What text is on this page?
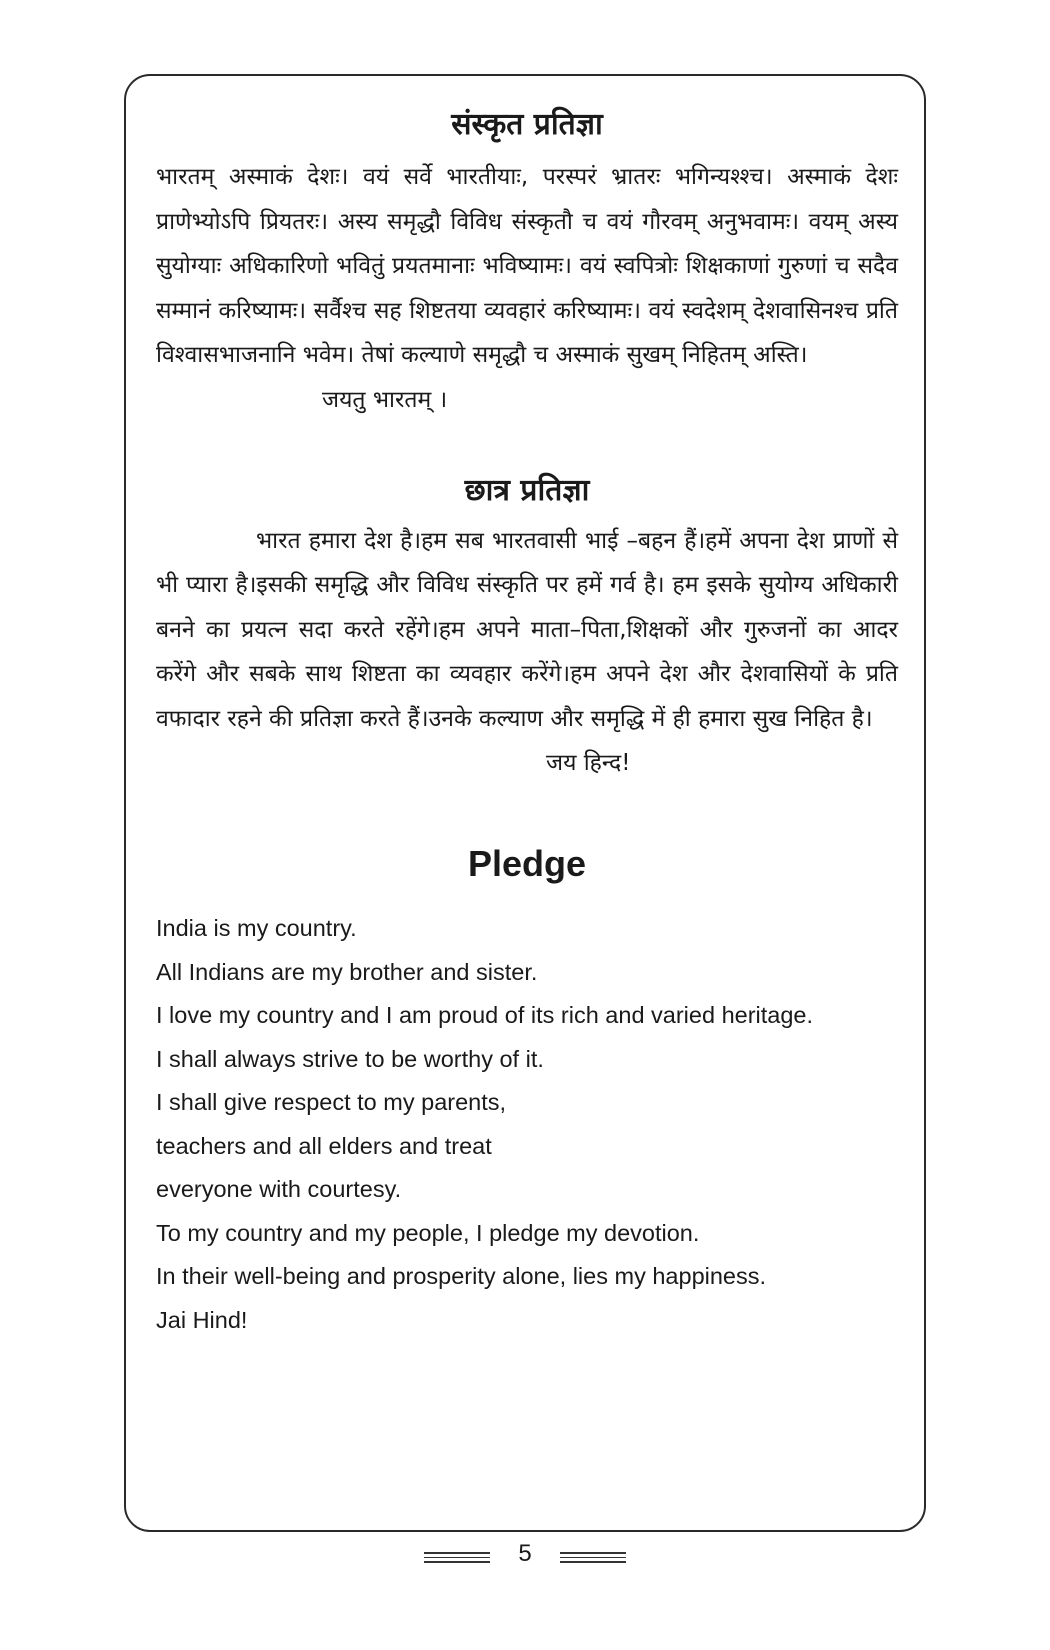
संस्कृत प्रतिज्ञा

भारतम् अस्माकं देशः। वयं सर्वे भारतीयाः, परस्परं भ्रातरः भगिन्यश्श्च। अस्माकं देशः प्राणेभ्योऽपि प्रियतरः। अस्य समृद्धौ विविध संस्कृतौ च वयं गौरवम् अनुभवामः। वयम् अस्य सुयोग्याः अधिकारिणो भवितुं प्रयतमानाः भविष्यामः। वयं स्वपित्रोः शिक्षकाणां गुरुणां च सदैव सम्मानं करिष्यामः। सर्वैश्च सह शिष्टतया व्यवहारं करिष्यामः। वयं स्वदेशम् देशवासिनश्च प्रति विश्वासभाजनानि भवेम। तेषां कल्याणे समृद्धौ च अस्माकं सुखम् निहितम् अस्ति।

जयतु भारतम् ।

छात्र प्रतिज्ञा

भारत हमारा देश है।हम सब भारतवासी भाई –बहन हैं।हमें अपना देश प्राणों से भी प्यारा है।इसकी समृद्धि और विविध संस्कृति पर हमें गर्व है। हम इसके सुयोग्य अधिकारी बनने का प्रयत्न सदा करते रहेंगे।हम अपने माता–पिता,शिक्षकों और गुरुजनों का आदर करेंगे और सबके साथ शिष्टता का व्यवहार करेंगे।हम अपने देश और देशवासियों के प्रति वफादार रहने की प्रतिज्ञा करते हैं।उनके कल्याण और समृद्धि में ही हमारा सुख निहित है।

जय हिन्द!

Pledge
India is my country.
All Indians are my brother and sister.
I love my country and I am proud of its rich and varied heritage.
I shall always strive to be worthy of it.
I shall give respect to my parents,
teachers and all elders and treat
everyone with courtesy.
To my country and my people, I pledge my devotion.
In their well-being and prosperity alone, lies my happiness.
Jai Hind!
5
